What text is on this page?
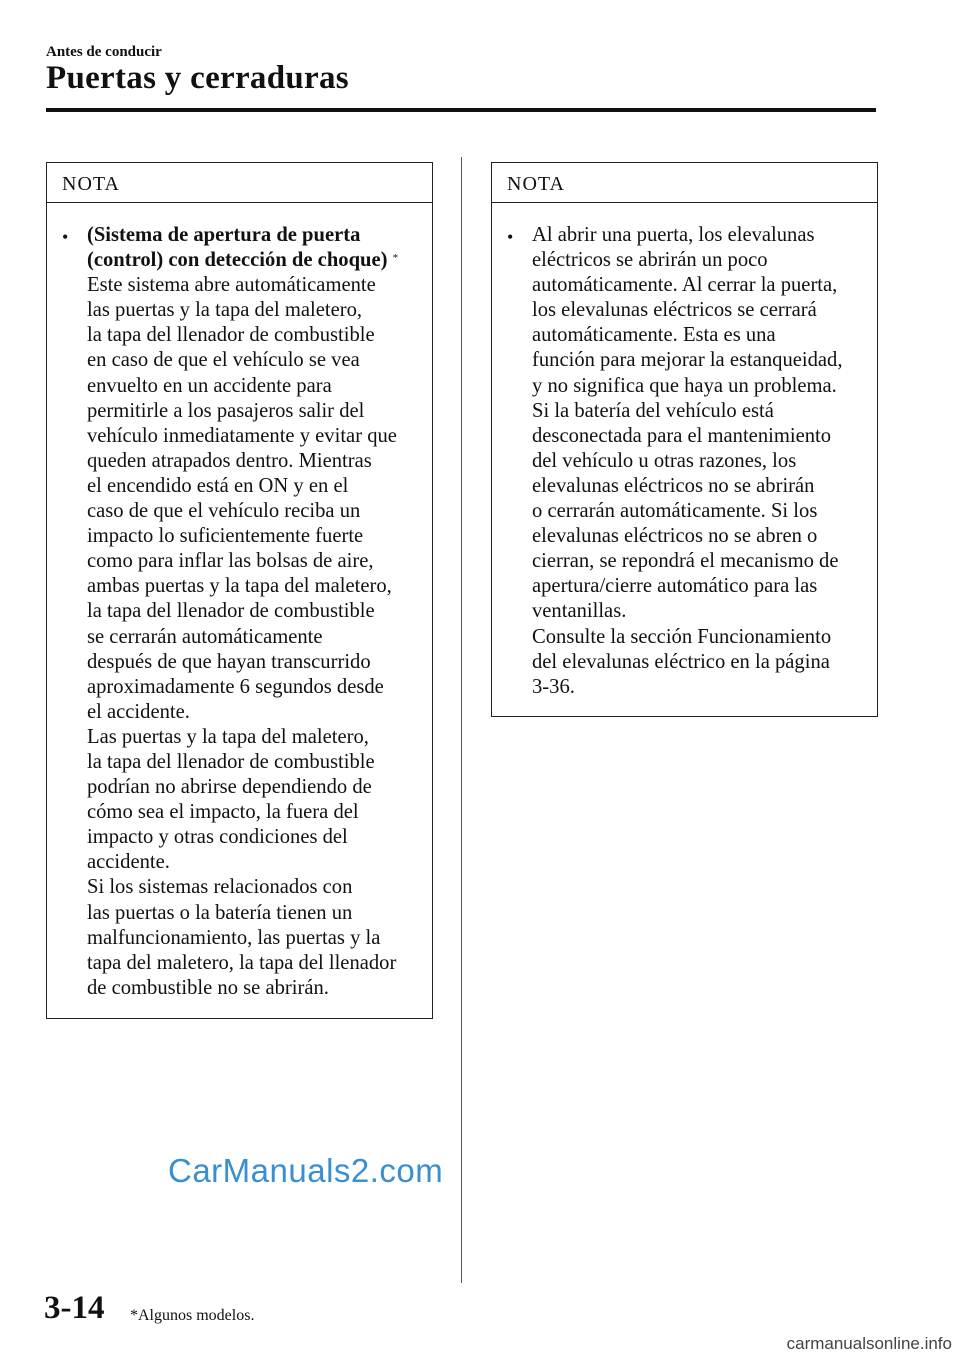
Antes de conducir
Puertas y cerraduras
NOTA
• (Sistema de apertura de puerta
(control) con detección de choque) *
Este sistema abre automáticamente
las puertas y la tapa del maletero,
la tapa del llenador de combustible
en caso de que el vehículo se vea
envuelto en un accidente para
permitirle a los pasajeros salir del
vehículo inmediatamente y evitar que
queden atrapados dentro. Mientras
el encendido está en ON y en el
caso de que el vehículo reciba un
impacto lo suficientemente fuerte
como para inflar las bolsas de aire,
ambas puertas y la tapa del maletero,
la tapa del llenador de combustible
se cerrarán automáticamente
después de que hayan transcurrido
aproximadamente 6 segundos desde
el accidente.
Las puertas y la tapa del maletero,
la tapa del llenador de combustible
podrían no abrirse dependiendo de
cómo sea el impacto, la fuera del
impacto y otras condiciones del
accidente.
Si los sistemas relacionados con
las puertas o la batería tienen un
malfuncionamiento, las puertas y la
tapa del maletero, la tapa del llenador
de combustible no se abrirán.
NOTA
• Al abrir una puerta, los elevalunas
eléctricos se abrirán un poco
automáticamente. Al cerrar la puerta,
los elevalunas eléctricos se cerrará
automáticamente. Esta es una
función para mejorar la estanqueidad,
y no significa que haya un problema.
Si la batería del vehículo está
desconectada para el mantenimiento
del vehículo u otras razones, los
elevalunas eléctricos no se abrirán
o cerrarán automáticamente. Si los
elevalunas eléctricos no se abren o
cierran, se repondrá el mecanismo de
apertura/cierre automático para las
ventanillas.
Consulte la sección Funcionamiento
del elevalunas eléctrico en la página
3-36.
CarManuals2.com
3-14 *Algunos modelos.
carmanualsonline.info
